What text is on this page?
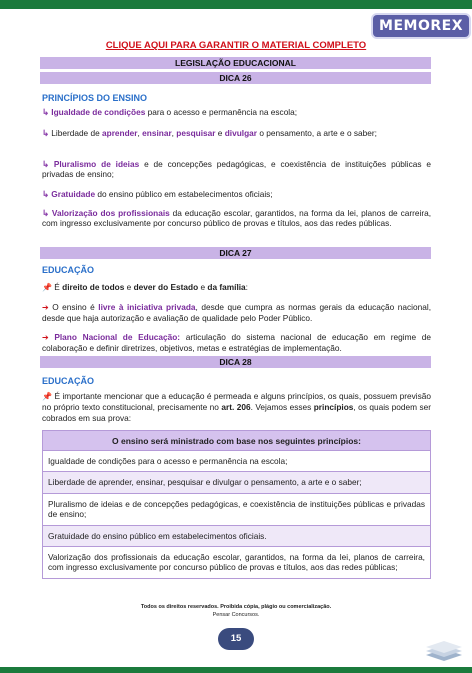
MEMOREX
CLIQUE AQUI PARA GARANTIR O MATERIAL COMPLETO
LEGISLAÇÃO EDUCACIONAL
DICA 26
PRINCÍPIOS DO ENSINO
↳ Igualdade de condições para o acesso e permanência na escola;
↳ Liberdade de aprender, ensinar, pesquisar e divulgar o pensamento, a arte e o saber;
↳ Pluralismo de ideias e de concepções pedagógicas, e coexistência de instituições públicas e privadas de ensino;
↳ Gratuidade do ensino público em estabelecimentos oficiais;
↳ Valorização dos profissionais da educação escolar, garantidos, na forma da lei, planos de carreira, com ingresso exclusivamente por concurso público de provas e títulos, aos das redes públicas.
DICA 27
EDUCAÇÃO
📌 É direito de todos e dever do Estado e da família:
➔ O ensino é livre à iniciativa privada, desde que cumpra as normas gerais da educação nacional, desde que haja autorização e avaliação de qualidade pelo Poder Público.
➔ Plano Nacional de Educação: articulação do sistema nacional de educação em regime de colaboração e definir diretrizes, objetivos, metas e estratégias de implementação.
DICA 28
EDUCAÇÃO
📌 É importante mencionar que a educação é permeada e alguns princípios, os quais, possuem previsão no próprio texto constitucional, precisamente no art. 206. Vejamos esses princípios, os quais podem ser cobrados em sua prova:
O ensino será ministrado com base nos seguintes princípios:
Igualdade de condições para o acesso e permanência na escola;
Liberdade de aprender, ensinar, pesquisar e divulgar o pensamento, a arte e o saber;
Pluralismo de ideias e de concepções pedagógicas, e coexistência de instituições públicas e privadas de ensino;
Gratuidade do ensino público em estabelecimentos oficiais.
Valorização dos profissionais da educação escolar, garantidos, na forma da lei, planos de carreira, com ingresso exclusivamente por concurso público de provas e títulos, aos das redes públicas;
Todos os direitos reservados. Proibida cópia, plágio ou comercialização.
Pensar Concursos.
15
